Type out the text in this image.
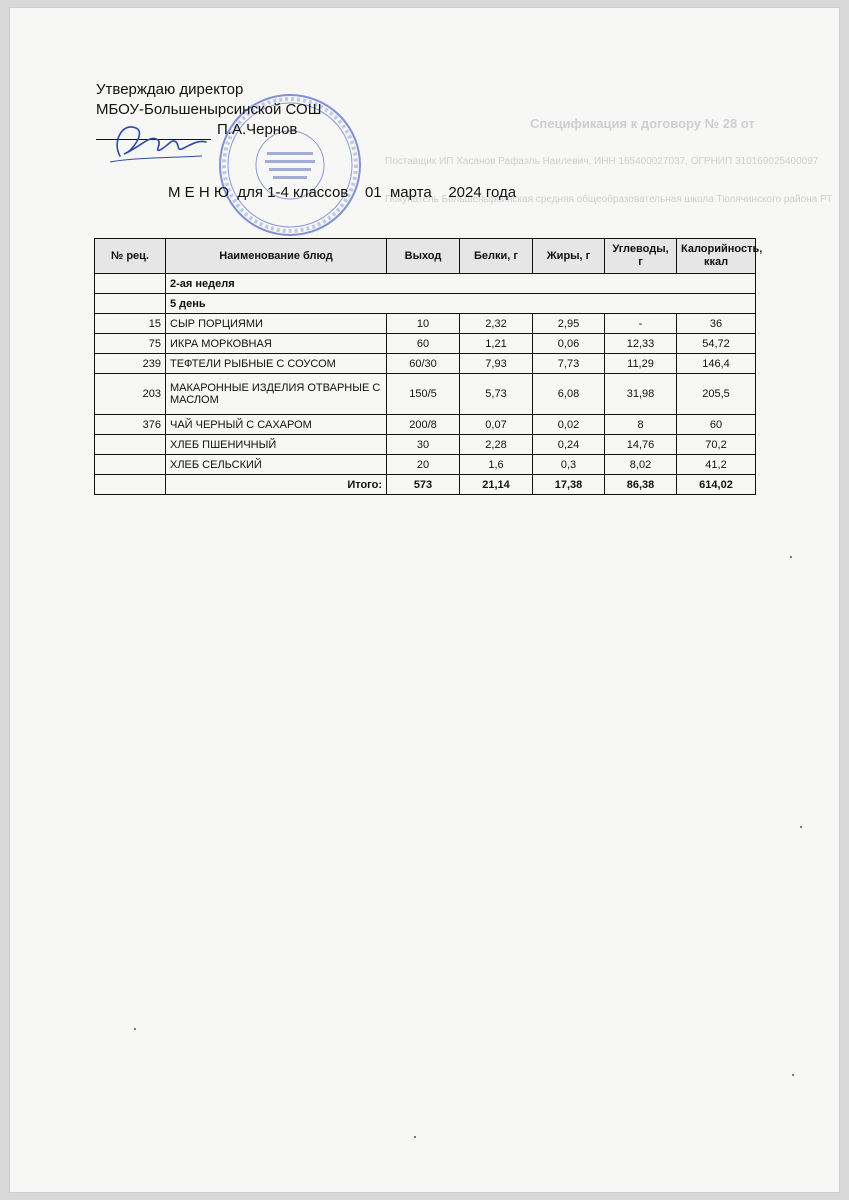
Спецификация к договору № 28 от
Поставщик ИП Хасанов Рафаэль Наилевич, ИНН 165400027037, ОГРНИП 310169025400097
Покупатель Большенырсинская средняя общеобразовательная школа Тюлячинского района РТ
Утверждаю директор
МБОУ-Большенырсинской СОШ
П.А.Чернов
М Е Н Ю  для 1-4 классов    01  марта    2024 года
№ рец.	Наименование блюд	Выход	Белки, г	Жиры, г	Углеводы, г	Калорийность, ккал
	2-ая неделя					
	5 день					
15	СЫР ПОРЦИЯМИ	10	2,32	2,95	-	36
75	ИКРА МОРКОВНАЯ	60	1,21	0,06	12,33	54,72
239	ТЕФТЕЛИ РЫБНЫЕ С СОУСОМ	60/30	7,93	7,73	11,29	146,4
203	МАКАРОННЫЕ ИЗДЕЛИЯ ОТВАРНЫЕ С МАСЛОМ	150/5	5,73	6,08	31,98	205,5
376	ЧАЙ ЧЕРНЫЙ С САХАРОМ	200/8	0,07	0,02	8	60
	ХЛЕБ ПШЕНИЧНЫЙ	30	2,28	0,24	14,76	70,2
	ХЛЕБ СЕЛЬСКИЙ	20	1,6	0,3	8,02	41,2
	Итого:	573	21,14	17,38	86,38	614,02
